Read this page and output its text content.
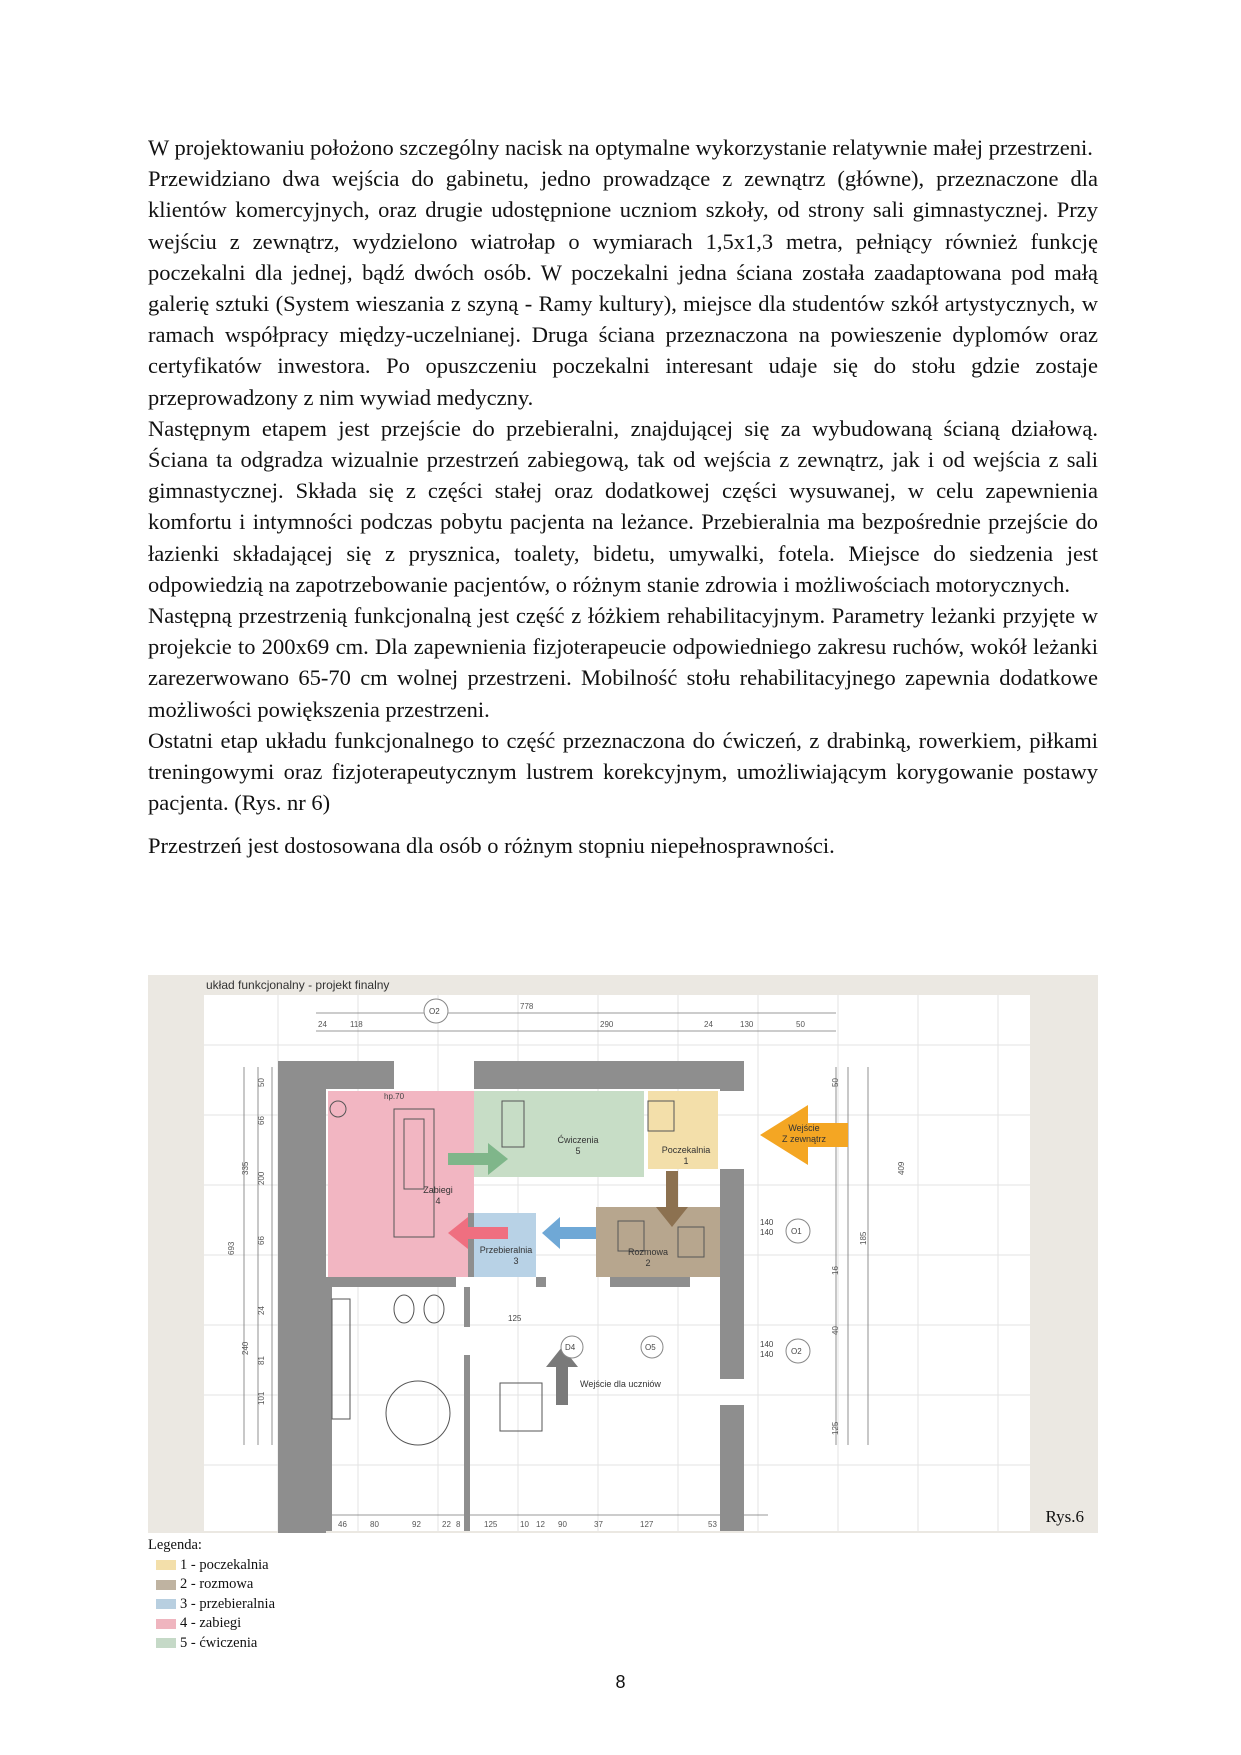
W projektowaniu położono szczególny nacisk na optymalne wykorzystanie relatywnie małej przestrzeni.

Przewidziano dwa wejścia do gabinetu, jedno prowadzące z zewnątrz (główne), przeznaczone dla klientów komercyjnych, oraz drugie udostępnione uczniom szkoły, od strony sali gimnastycznej. Przy wejściu z zewnątrz, wydzielono wiatrołap o wymiarach 1,5x1,3 metra, pełniący również funkcję poczekalni dla jednej, bądź dwóch osób. W poczekalni jedna ściana została zaadaptowana pod małą galerię sztuki (System wieszania z szyną - Ramy kultury), miejsce dla studentów szkół artystycznych, w ramach współpracy między-uczelnianej. Druga ściana przeznaczona na powieszenie dyplomów oraz certyfikatów inwestora. Po opuszczeniu poczekalni interesant udaje się do stołu gdzie zostaje przeprowadzony z nim wywiad medyczny.

Następnym etapem jest przejście do przebieralni, znajdującej się za wybudowaną ścianą działową. Ściana ta odgradza wizualnie przestrzeń zabiegową, tak od wejścia z zewnątrz, jak i od wejścia z sali gimnastycznej. Składa się z części stałej oraz dodatkowej części wysuwanej, w celu zapewnienia komfortu i intymności podczas pobytu pacjenta na leżance. Przebieralnia ma bezpośrednie przejście do łazienki składającej się z prysznica, toalety, bidetu, umywalki, fotela. Miejsce do siedzenia jest odpowiedzią na zapotrzebowanie pacjentów, o różnym stanie zdrowia i możliwościach motorycznych.

Następną przestrzenią funkcjonalną jest część z łóżkiem rehabilitacyjnym. Parametry leżanki przyjęte w projekcie to 200x69 cm. Dla zapewnienia fizjoterapeucie odpowiedniego zakresu ruchów, wokół leżanki zarezerwowano 65-70 cm wolnej przestrzeni. Mobilność stołu rehabilitacyjnego zapewnia dodatkowe możliwości powiększenia przestrzeni.

Ostatni etap układu funkcjonalnego to część przeznaczona do ćwiczeń, z drabinką, rowerkiem, piłkami treningowymi oraz fizjoterapeutycznym lustrem korekcyjnym, umożliwiającym korygowanie postawy pacjenta. (Rys. nr 6)

Przestrzeń jest dostosowana dla osób o różnym stopniu niepełnosprawności.

778
24	118	290	24	130	50
O2
693
335
240
50
66
200
66
24
81
101
409
50
185
16
40
125
46	80	92	22 8	125	10 12 90	37	127	53
Zabiegi
4
Ćwiczenia
5	Poczekalnia
1
Rozmowa
2
Przebieralnia
3
Wejście
Z zewnątrz
Wejście dla uczniów
O1
O2
D4	O5
140
140
140
140
hp.70
125
układ funkcjonalny - projekt finalny
Rys.6

Legenda:

1 - poczekalnia
2 - rozmowa
3 - przebieralnia
4 - zabiegi
5 - ćwiczenia
8
